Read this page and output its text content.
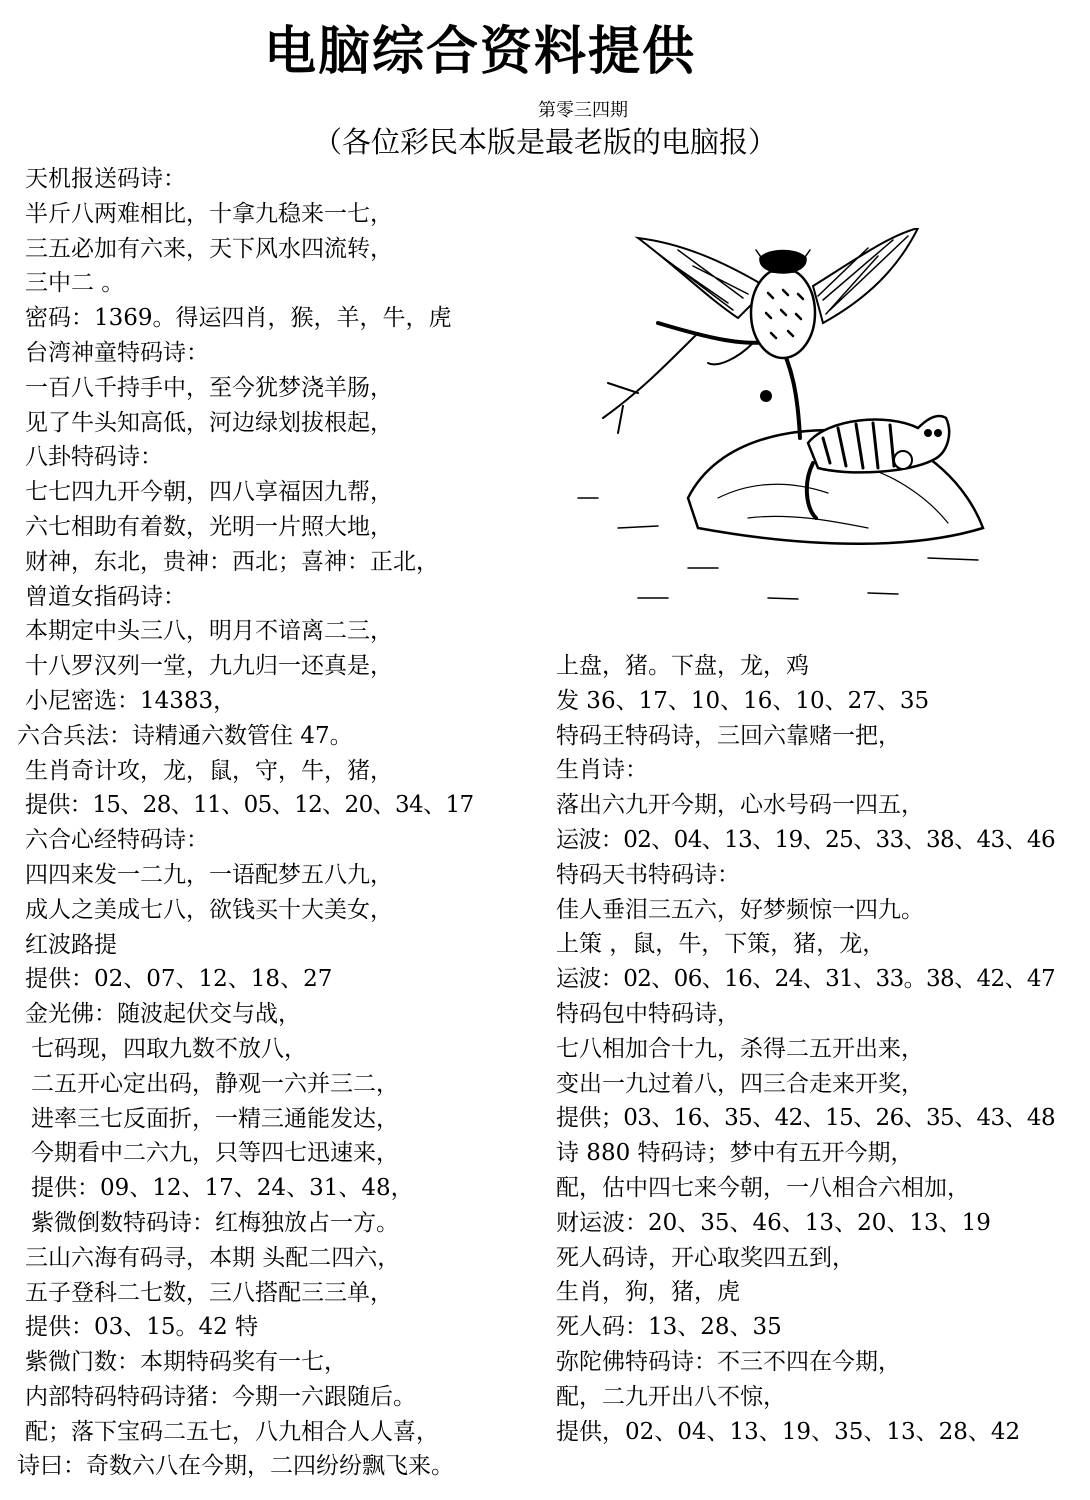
电脑综合资料提供
第零三四期
（各位彩民本版是最老版的电脑报）
天机报送码诗：
半斤八两难相比，十拿九稳来一七，
三五必加有六来，天下风水四流转，
三中二 。
密码：1369。得运四肖，猴，羊，牛，虎
台湾神童特码诗：
一百八千持手中，至今犹梦浇羊肠，
见了牛头知高低，河边绿划拔根起，
八卦特码诗：
七七四九开今朝，四八享福因九帮，
六七相助有着数，光明一片照大地，
财神，东北，贵神：西北；喜神：正北，
曾道女指码诗：
本期定中头三八，明月不谙离二三，
十八罗汉列一堂，九九归一还真是，
小尼密选：14383，
六合兵法：诗精通六数管住 47。
生肖奇计攻，龙，鼠，守，牛，猪，
提供：15、28、11、05、12、20、34、17
六合心经特码诗：
四四来发一二九，一语配梦五八九，
成人之美成七八，欲钱买十大美女，
红波路提
提供：02、07、12、18、27
金光佛：随波起伏交与战，
七码现，四取九数不放八，
二五开心定出码，静观一六并三二，
进率三七反面折，一精三通能发达，
今期看中二六九，只等四七迅速来，
提供：09、12、17、24、31、48，
紫微倒数特码诗：红梅独放占一方。
三山六海有码寻，本期 头配二四六，
五子登科二七数，三八搭配三三单，
提供：03、15。42 特
紫微门数：本期特码奖有一七，
内部特码特码诗猪：今期一六跟随后。
配；落下宝码二五七，八九相合人人喜，
诗曰：奇数六八在今期，二四纷纷飘飞来。
上盘，猪。下盘，龙，鸡
发 36、17、10、16、10、27、35
特码王特码诗，三回六靠赌一把，
生肖诗：
落出六九开今期，心水号码一四五，
运波：02、04、13、19、25、33、38、43、46
特码天书特码诗：
佳人垂泪三五六，好梦频惊一四九。
上策 ，鼠，牛，下策，猪，龙，
运波：02、06、16、24、31、33。38、42、47
特码包中特码诗，
七八相加合十九，杀得二五开出来，
变出一九过着八，四三合走来开奖，
提供；03、16、35、42、15、26、35、43、48
诗 880 特码诗；梦中有五开今期，
配，估中四七来今朝，一八相合六相加，
财运波：20、35、46、13、20、13、19
死人码诗，开心取奖四五到，
生肖，狗，猪，虎
死人码：13、28、35
弥陀佛特码诗：不三不四在今期，
配，二九开出八不惊，
提供，02、04、13、19、35、13、28、42
